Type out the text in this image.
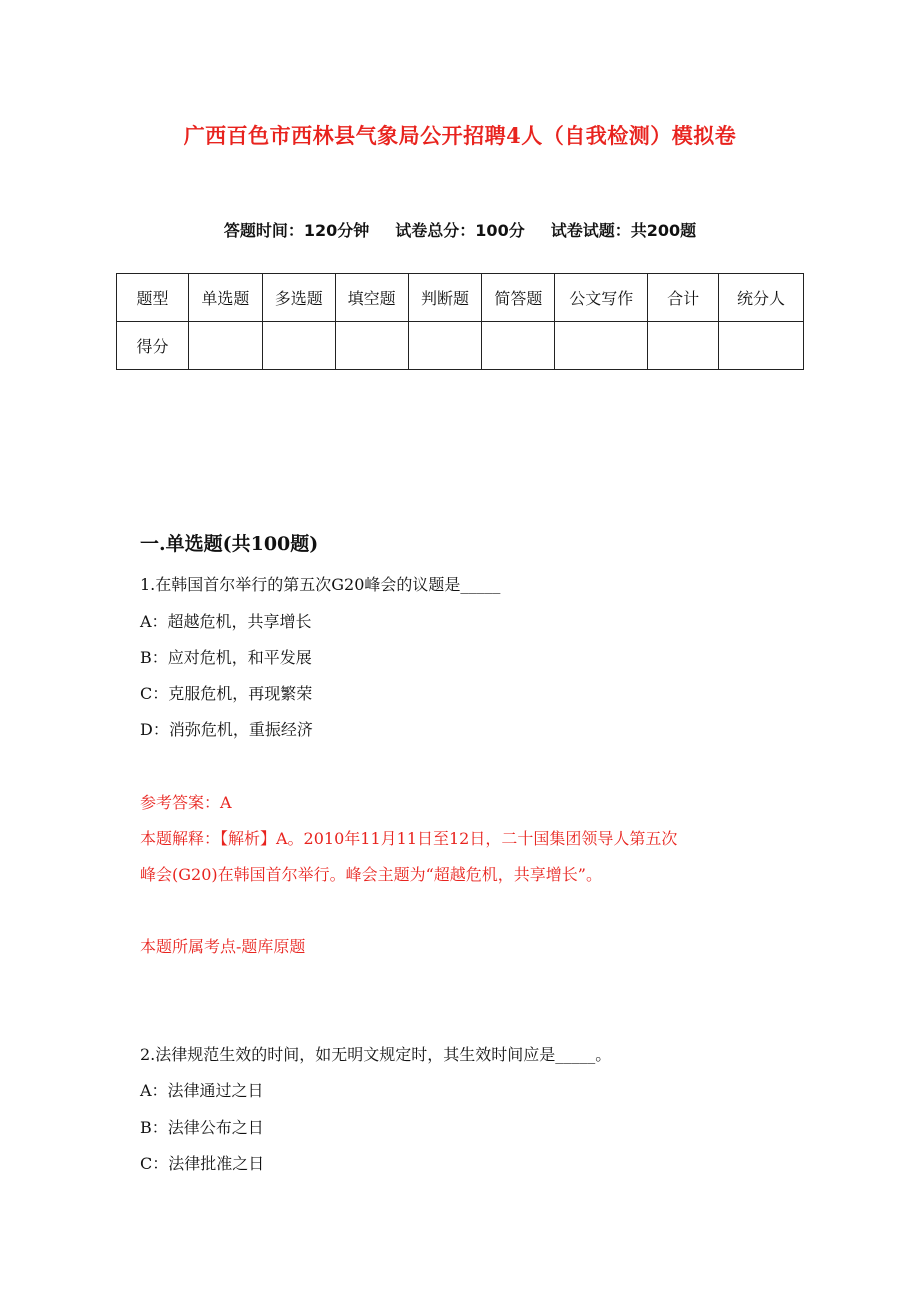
广西百色市西林县气象局公开招聘4人（自我检测）模拟卷
答题时间：120分钟 试卷总分：100分 试卷试题：共200题
题型	单选题	多选题	填空题	判断题	简答题	公文写作	合计	统分人
得分								
一.单选题(共100题)
1.在韩国首尔举行的第五次G20峰会的议题是_____
A：超越危机，共享增长
B：应对危机，和平发展
C：克服危机，再现繁荣
D：消弥危机，重振经济
参考答案：A
本题解释：【解析】A。2010年11月11日至12日，二十国集团领导人第五次
峰会(G20)在韩国首尔举行。峰会主题为“超越危机，共享增长”。
本题所属考点-题库原题
2.法律规范生效的时间，如无明文规定时，其生效时间应是_____。
A：法律通过之日
B：法律公布之日
C：法律批准之日
